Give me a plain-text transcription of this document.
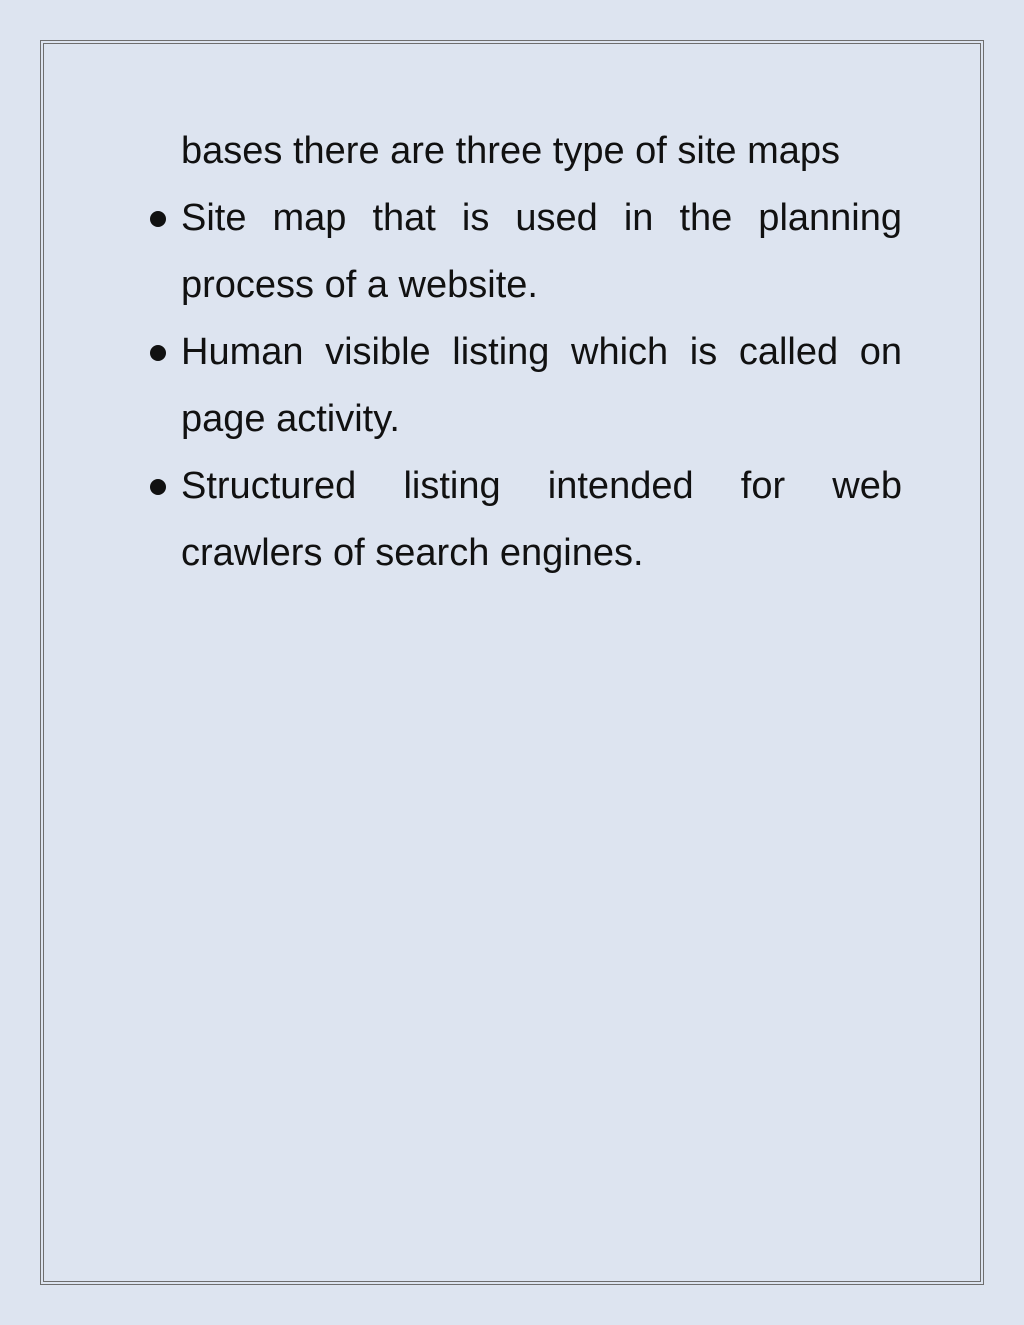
bases there are three type of site maps

Site map that is used in the planning process of a website.
Human visible listing which is called on page activity.
Structured listing intended for web crawlers of search engines.
